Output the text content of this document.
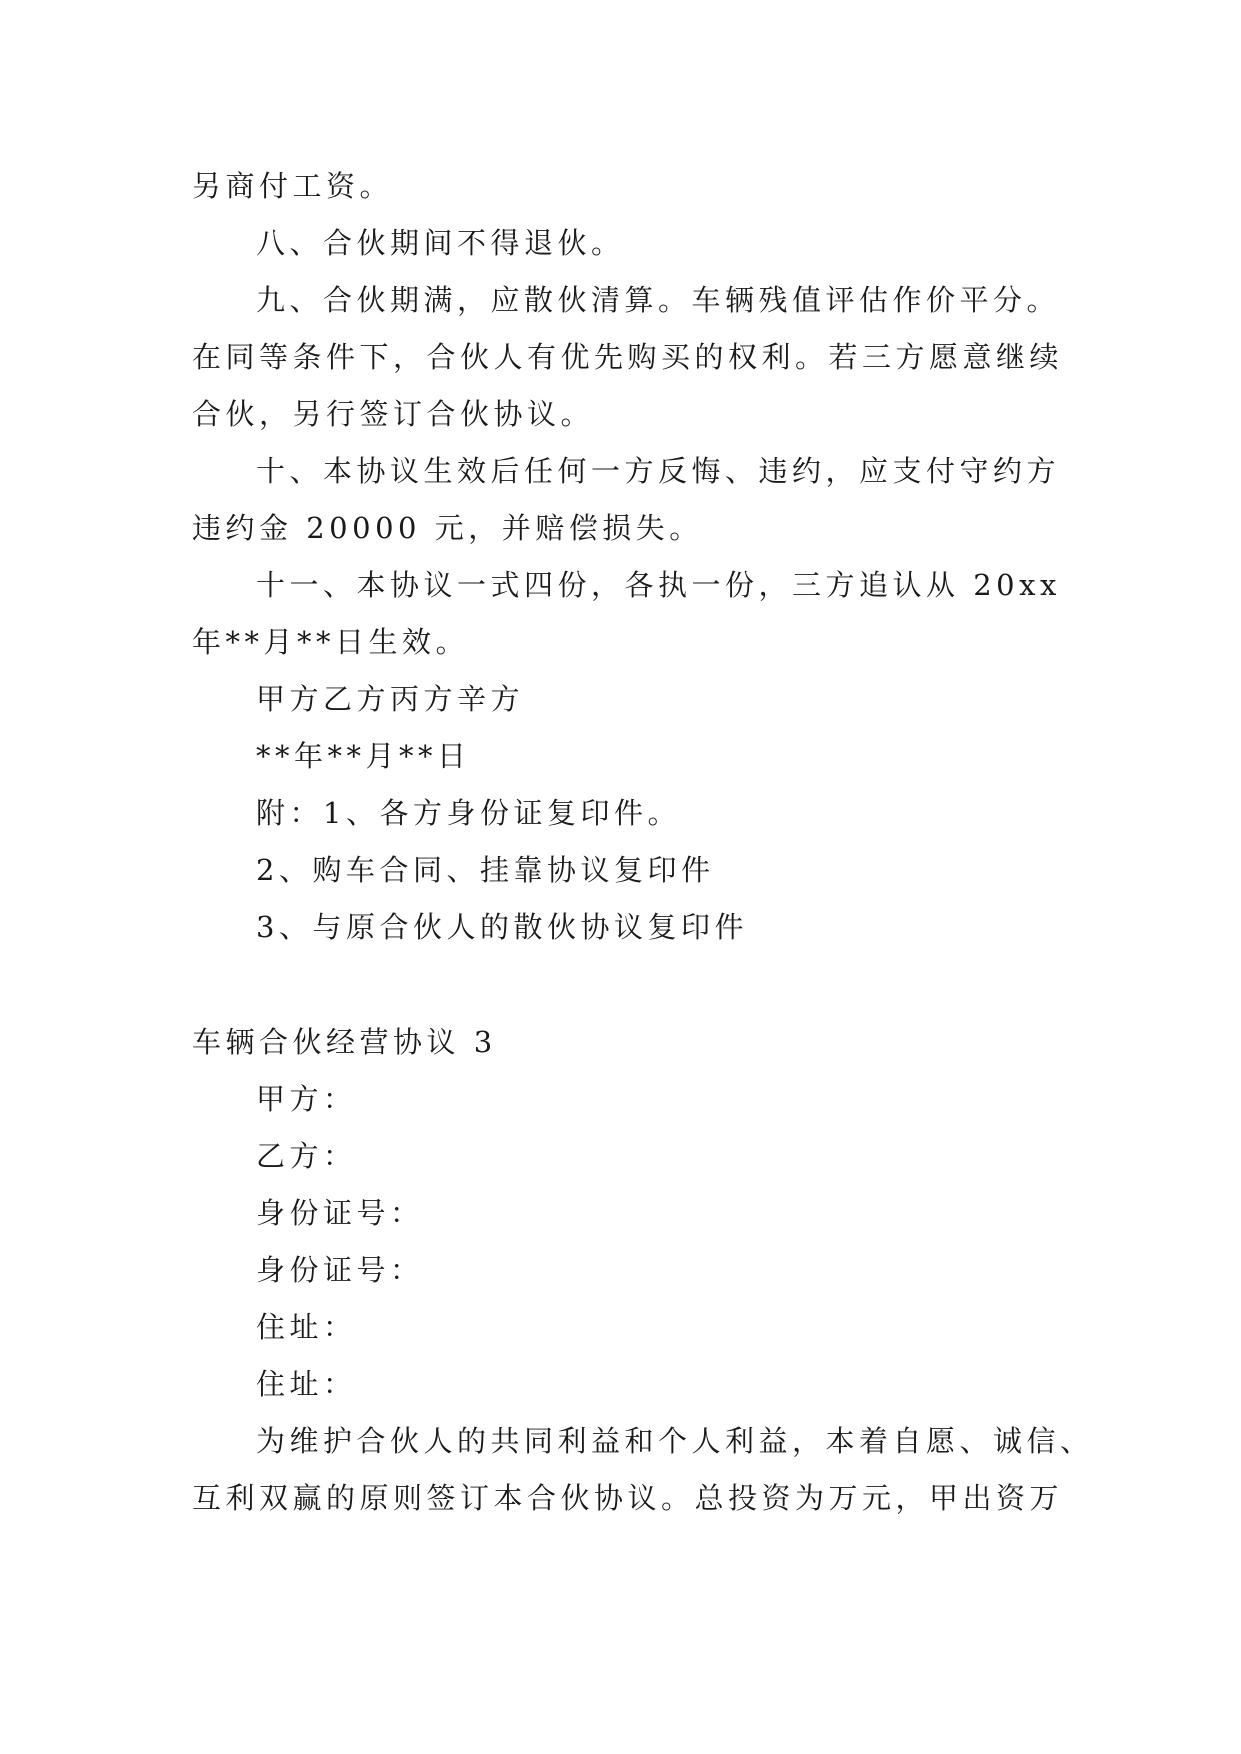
另商付工资。
八、合伙期间不得退伙。
九、合伙期满，应散伙清算。车辆残值评估作价平分。
在同等条件下，合伙人有优先购买的权利。若三方愿意继续
合伙，另行签订合伙协议。
十、本协议生效后任何一方反悔、违约，应支付守约方
违约金 20000 元，并赔偿损失。
十一、本协议一式四份，各执一份，三方追认从 20xx
年**月**日生效。
甲方乙方丙方辛方
**年**月**日
附：1、各方身份证复印件。
2、购车合同、挂靠协议复印件
3、与原合伙人的散伙协议复印件
车辆合伙经营协议 3
甲方：
乙方：
身份证号：
身份证号：
住址：
住址：
为维护合伙人的共同利益和个人利益，本着自愿、诚信、
互利双赢的原则签订本合伙协议。总投资为万元，甲出资万
